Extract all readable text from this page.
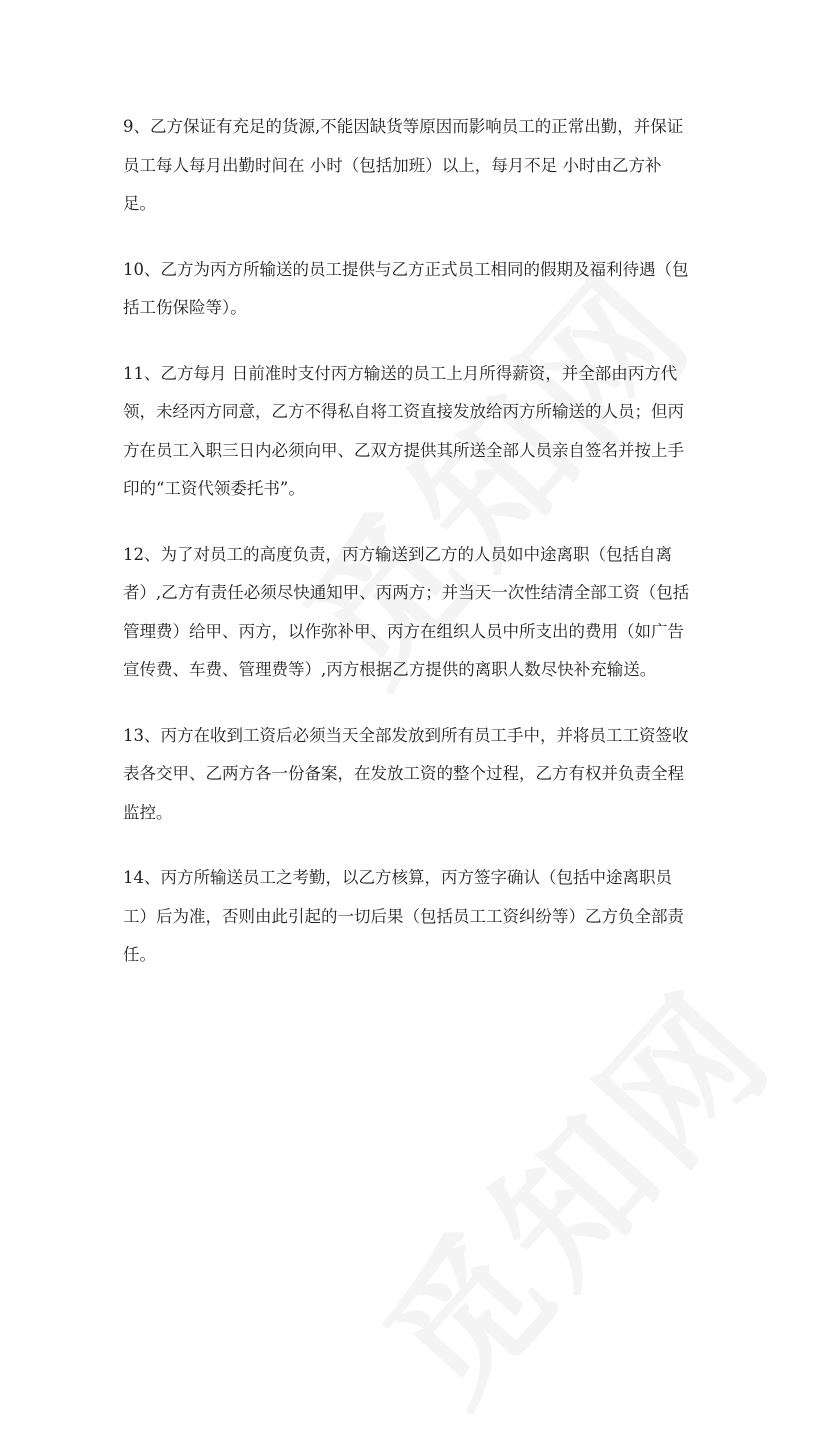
9、乙方保证有充足的货源,不能因缺货等原因而影响员工的正常出勤，并保证
员工每人每月出勤时间在 小时（包括加班）以上，每月不足 小时由乙方补
足。

10、乙方为丙方所输送的员工提供与乙方正式员工相同的假期及福利待遇（包
括工伤保险等）。

11、乙方每月 日前准时支付丙方输送的员工上月所得薪资，并全部由丙方代
领，未经丙方同意，乙方不得私自将工资直接发放给丙方所输送的人员；但丙
方在员工入职三日内必须向甲、乙双方提供其所送全部人员亲自签名并按上手
印的“工资代领委托书”。

12、为了对员工的高度负责，丙方输送到乙方的人员如中途离职（包括自离
者）,乙方有责任必须尽快通知甲、丙两方；并当天一次性结清全部工资（包括
管理费）给甲、丙方，以作弥补甲、丙方在组织人员中所支出的费用（如广告
宣传费、车费、管理费等）,丙方根据乙方提供的离职人数尽快补充输送。

13、丙方在收到工资后必须当天全部发放到所有员工手中，并将员工工资签收
表各交甲、乙两方各一份备案，在发放工资的整个过程，乙方有权并负责全程
监控。

14、丙方所输送员工之考勤，以乙方核算，丙方签字确认（包括中途离职员
工）后为准，否则由此引起的一切后果（包括员工工资纠纷等）乙方负全部责
任。
